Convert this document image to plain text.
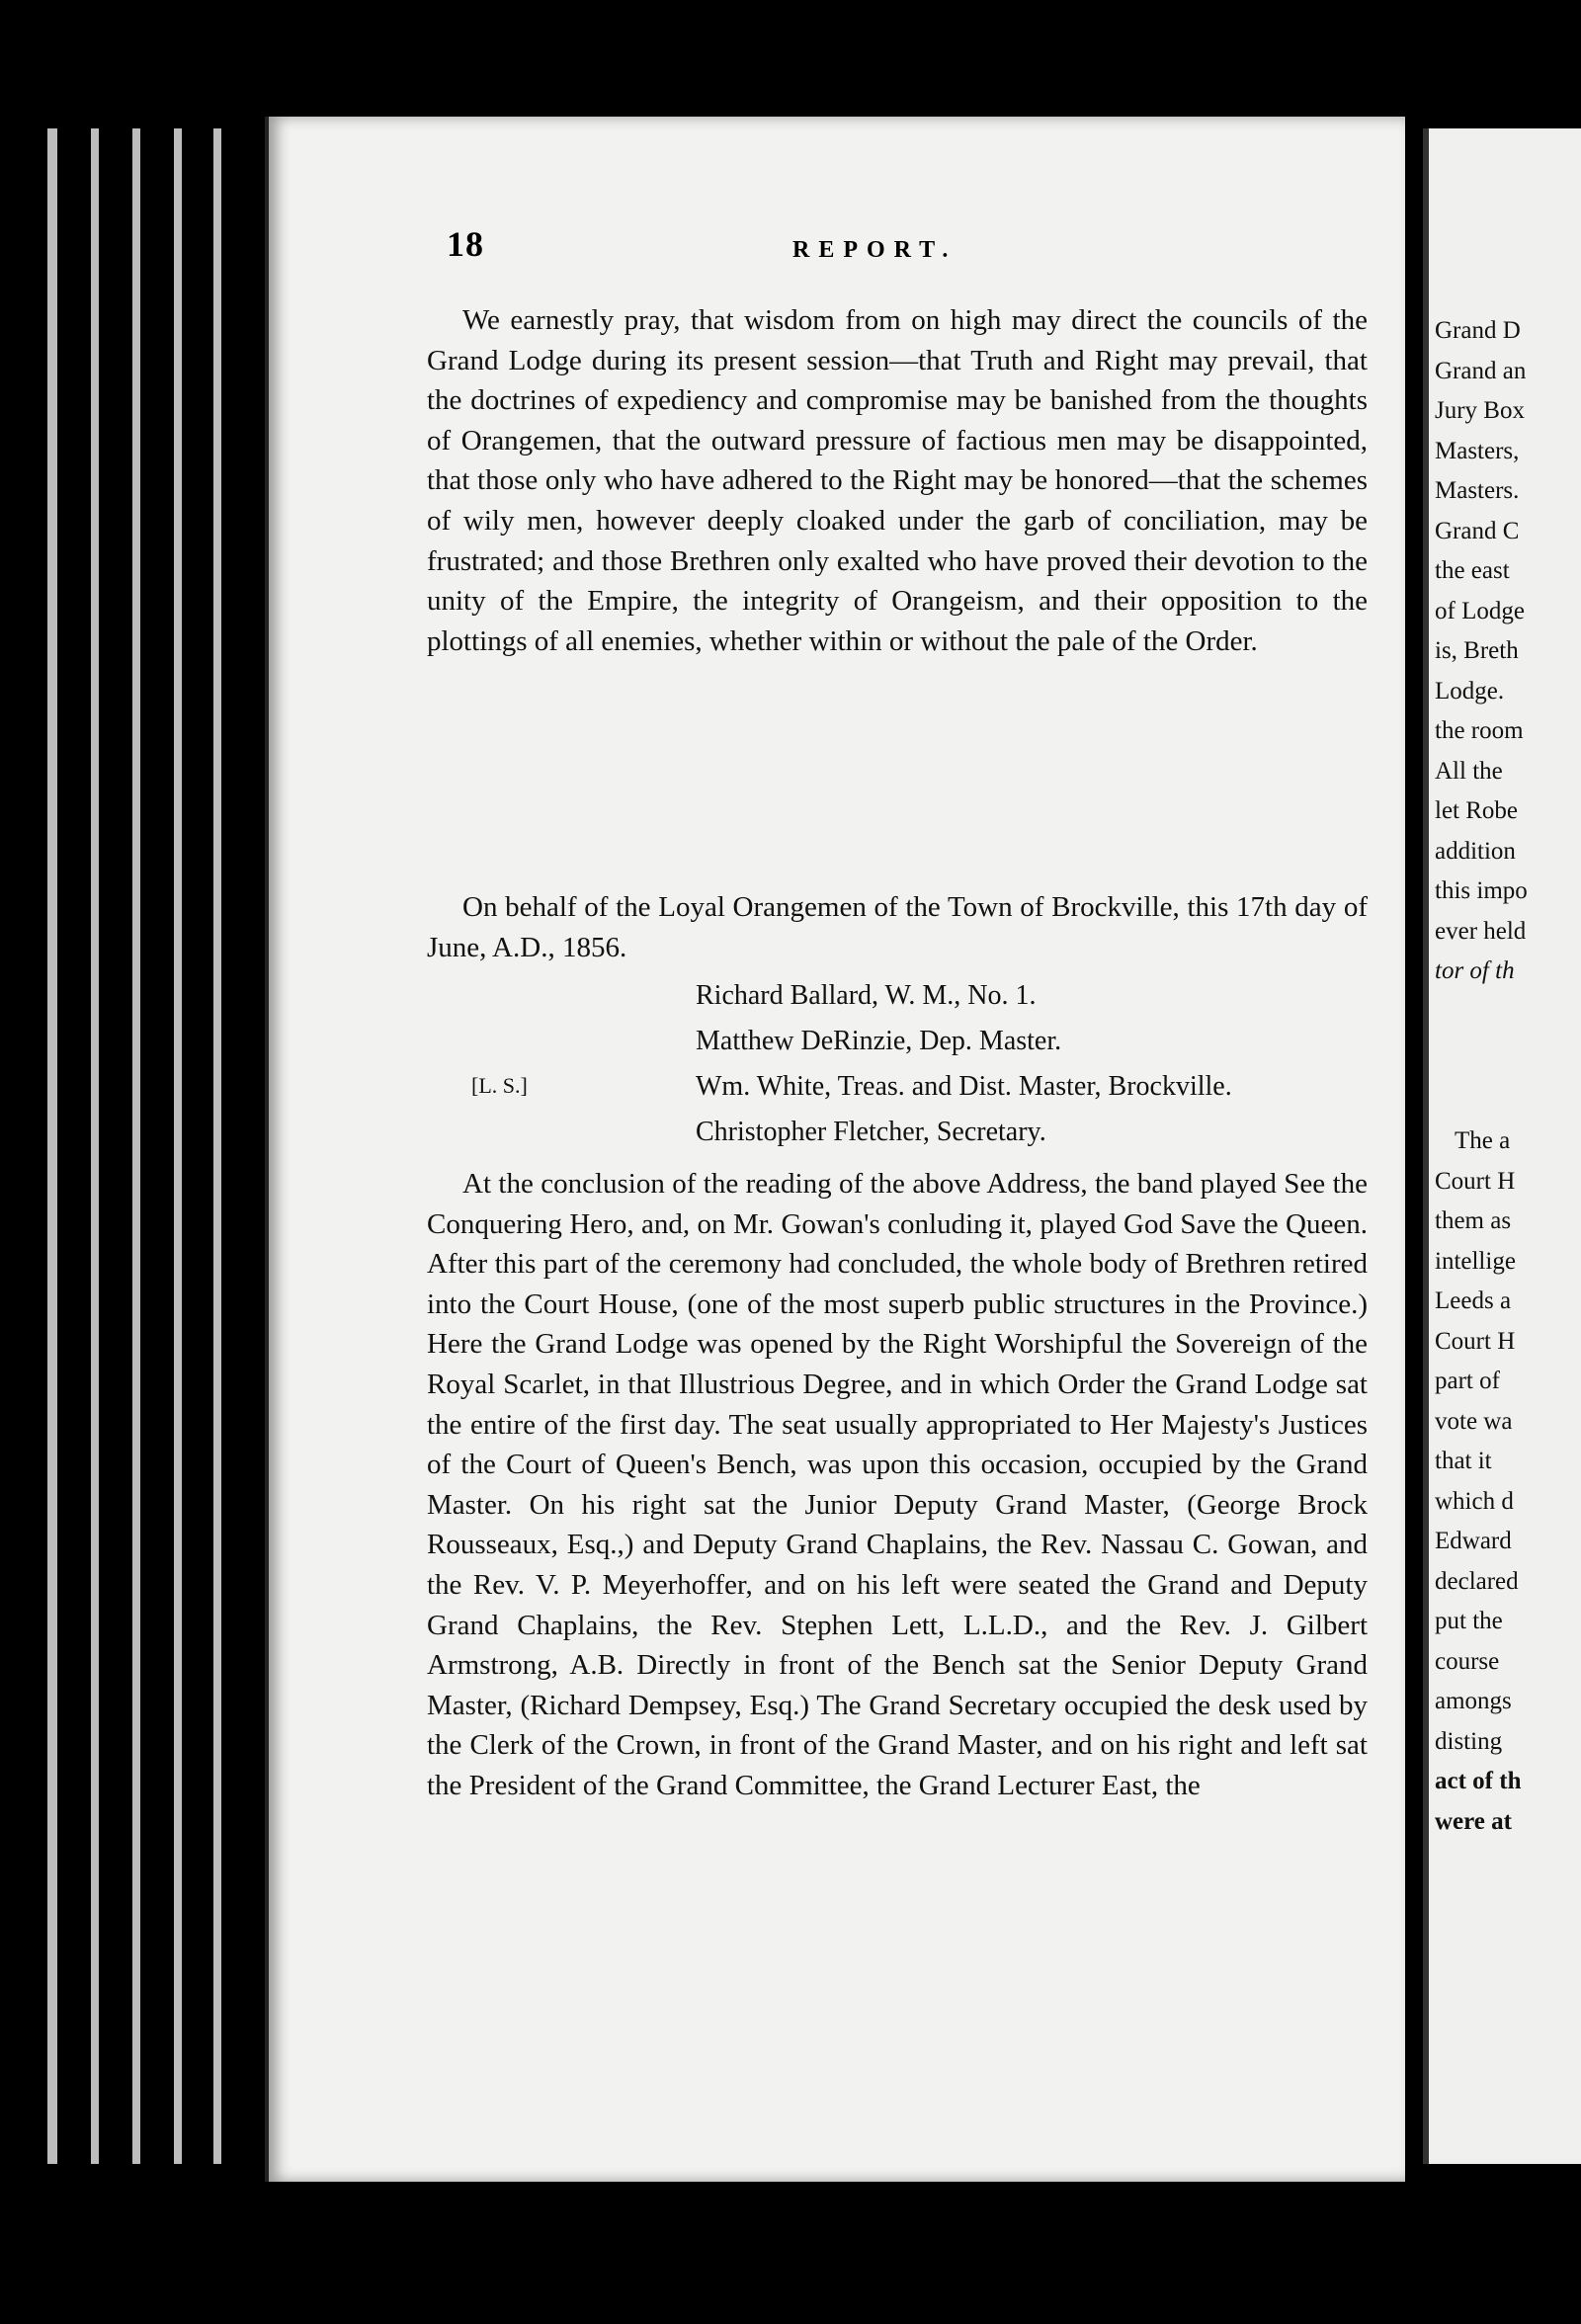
18	REPORT.

We earnestly pray, that wisdom from on high may direct the councils of the Grand Lodge during its present session—that Truth and Right may prevail, that the doctrines of expediency and compromise may be banished from the thoughts of Orangemen, that the outward pressure of factious men may be disappointed, that those only who have adhered to the Right may be honored—that the schemes of wily men, however deeply cloaked under the garb of conciliation, may be frustrated; and those Brethren only exalted who have proved their devotion to the unity of the Empire, the integrity of Orangeism, and their opposition to the plottings of all enemies, whether within or without the pale of the Order.

On behalf of the Loyal Orangemen of the Town of Brockville, this 17th day of June, A.D., 1856.

Richard Ballard, W. M., No. 1.
Matthew DeRinzie, Dep. Master.
Wm. White, Treas. and Dist. Master, Brockville.
Christopher Fletcher, Secretary.
[L. S.]

At the conclusion of the reading of the above Address, the band played See the Conquering Hero, and, on Mr. Gowan's conluding it, played God Save the Queen. After this part of the ceremony had concluded, the whole body of Brethren retired into the Court House, (one of the most superb public structures in the Province.) Here the Grand Lodge was opened by the Right Worshipful the Sovereign of the Royal Scarlet, in that Illustrious Degree, and in which Order the Grand Lodge sat the entire of the first day. The seat usually appropriated to Her Majesty's Justices of the Court of Queen's Bench, was upon this occasion, occupied by the Grand Master. On his right sat the Junior Deputy Grand Master, (George Brock Rousseaux, Esq.,) and Deputy Grand Chaplains, the Rev. Nassau C. Gowan, and the Rev. V. P. Meyerhoffer, and on his left were seated the Grand and Deputy Grand Chaplains, the Rev. Stephen Lett, L.L.D., and the Rev. J. Gilbert Armstrong, A.B. Directly in front of the Bench sat the Senior Deputy Grand Master, (Richard Dempsey, Esq.) The Grand Secretary occupied the desk used by the Clerk of the Crown, in front of the Grand Master, and on his right and left sat the President of the Grand Committee, the Grand Lecturer East, the

Grand D
Grand an
Jury Box
Masters,
Masters.
Grand C
the east
of Lodge
is, Breth
Lodge.
the room
All the
let Robe
addition
this impo
ever held
tor of th
The a
Court H
them as
intellige
Leeds a
Court H
part of
vote wa
that it
which d
Edward
declared
put the
course
amongs
disting
act of th
were at
